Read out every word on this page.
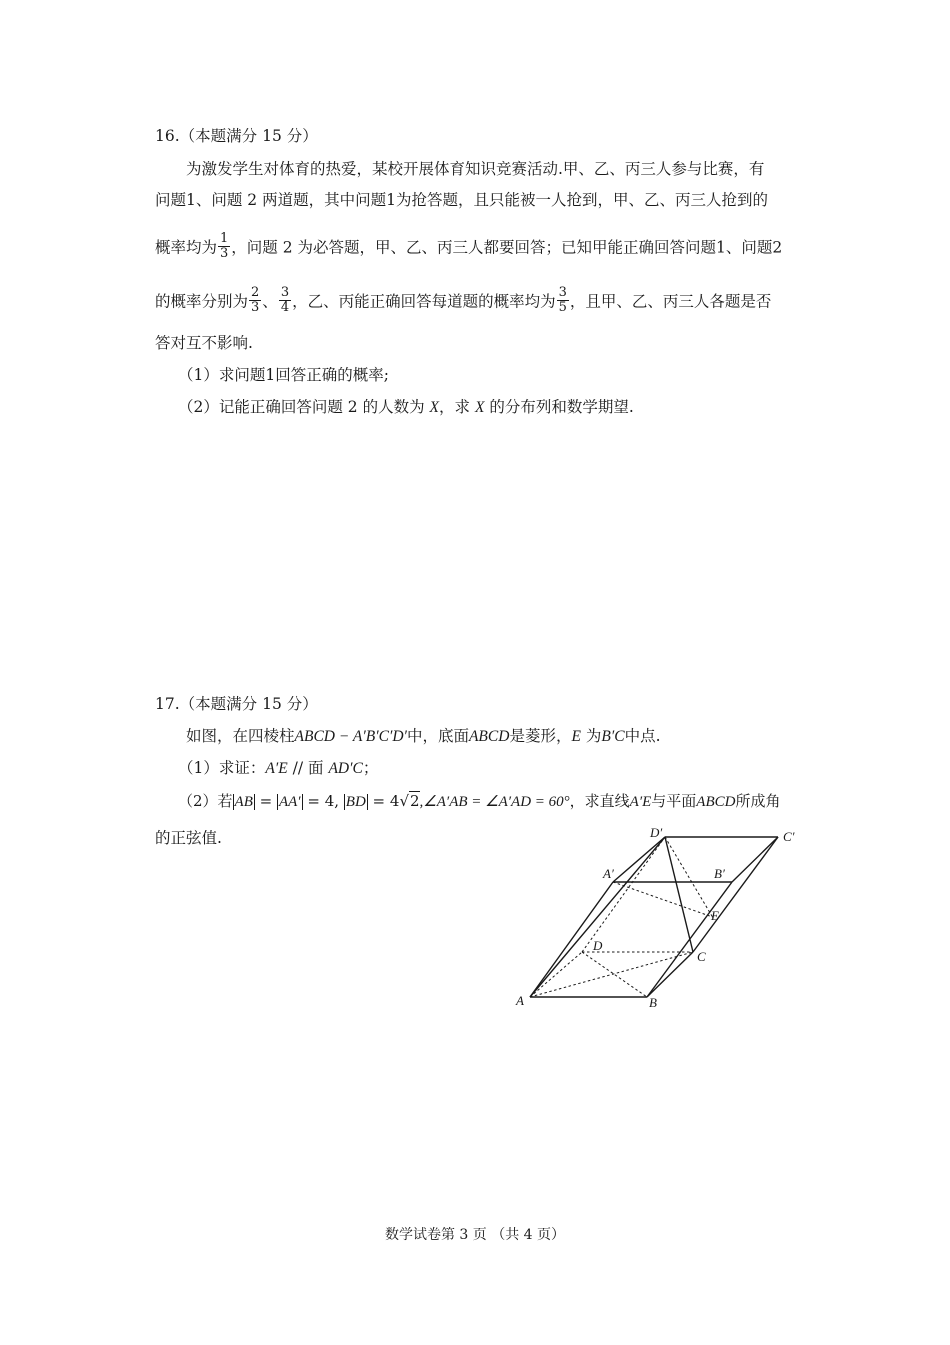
16.（本题满分 15 分）
为激发学生对体育的热爱，某校开展体育知识竞赛活动.甲、乙、丙三人参与比赛，有
问题1、问题 2 两道题，其中问题1为抢答题，且只能被一人抢到，甲、乙、丙三人抢到的
概率均为 $\frac{1}{3}$ ，问题 2 为必答题，甲、乙、丙三人都要回答；已知甲能正确回答问题1、问题2
的概率分别为 $\frac{2}{3}$ 、 $\frac{3}{4}$ ，乙、丙能正确回答每道题的概率均为 $\frac{3}{5}$ ，且甲、乙、丙三人各题是否
答对互不影响.
（1）求问题1回答正确的概率;
（2）记能正确回答问题 2 的人数为 X，求 X 的分布列和数学期望.
17.（本题满分 15 分）
如图，在四棱柱ABCD − A′B′C′D′中，底面ABCD是菱形，E 为B′C中点.
（1）求证：A′E // 面 AD′C；
（2）若 AB = AA′ = 4, BD = 4√2,∠A′AB = ∠A′AD = 60°，求直线A′E与平面ABCD所成角
的正弦值.
A	B
C
D
A′	B′
C′
D′
E
数学试卷第 3 页 （共 4 页）
